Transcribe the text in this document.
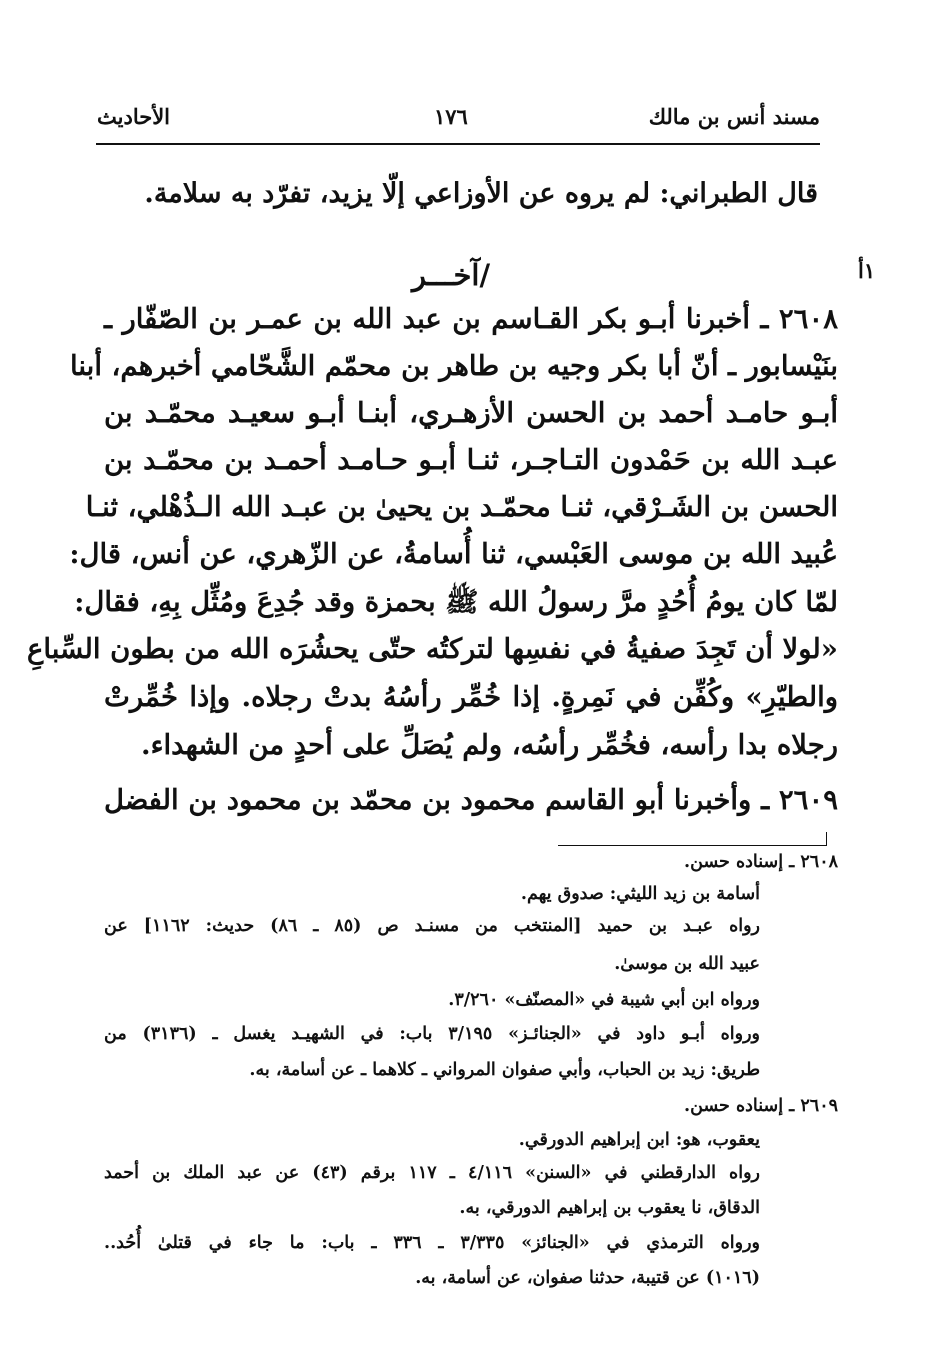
مسند أنس بن مالك
١٧٦
الأحاديث
قال الطبراني: لم يروه عن الأوزاعي إلّا يزيد، تفرّد به سلامة.
/آخـــر	١أ
٢٦٠٨ ـ أخبرنا أبـو بكر القـاسم بن عبد الله بن عمـر بن الصّفّار ـ
بنَيْسابور ـ أنّ أبا بكر وجيه بن طاهر بن محمّم الشَّحّامي أخبرهم، أبنا
أبـو حامـد أحمد بن الحسن الأزهـري، أبنـا أبـو سعيـد محمّـد بن
عبـد الله بن حَمْدون التـاجـر، ثنـا أبـو حـامـد أحمـد بن محمّـد بن
الحسن بن الشَـرْقي، ثنـا محمّـد بن يحيىٰ بن عبـد الله الـذُهْلي، ثنـا
عُبيد الله بن موسى العَبْسي، ثنا أُسامةُ، عن الزّهري، عن أنس، قال:
لمّا كان يومُ أُحُدٍ مرَّ رسولُ الله ﷺ بحمزة وقد جُدِعَ ومُثِّل بِهِ، فقال:
«لولا أن تَجِدَ صفيةُ في نفسِها لتركتُه حتّى يحشُرَه الله من بطون السِّباعِ
والطيّرِ» وكُفِّن في نَمِرةٍ. إذا خُمِّر رأسُهُ بدتْ رجلاه. وإذا خُمِّرتْ
رجلاه بدا رأسه، فخُمِّر رأسُه، ولم يُصَلِّ على أحدٍ من الشهداء.
٢٦٠٩ ـ وأخبرنا أبو القاسم محمود بن محمّد بن محمود بن الفضل
٢٦٠٨ ـ إسناده حسن.
أسامة بن زيد الليثي: صدوق يهم.
رواه عبـد بن حميد [المنتخب من مسنـد ص (٨٥ ـ ٨٦) حديث: ١١٦٢] عن
عبيد الله بن موسىٰ.
ورواه ابن أبي شيبة في «المصنّف» ٣/٢٦٠.
ورواه أبـو داود في «الجنائـز» ٣/١٩٥ باب: في الشهيـد يغسل ـ (٣١٣٦) من
طريق: زيد بن الحباب، وأبي صفوان المرواني ـ كلاهما ـ عن أسامة، به.
٢٦٠٩ ـ إسناده حسن.
يعقوب، هو: ابن إبراهيم الدورقي.
رواه الدارقطني في «السنن» ٤/١١٦ ـ ١١٧ برقم (٤٣) عن عبد الملك بن أحمد
الدقاق، نا يعقوب بن إبراهيم الدورقي، به.
ورواه الترمذي في «الجنائز» ٣/٣٣٥ ـ ٣٣٦ ـ باب: ما جاء في قتلىٰ أُحُد..
(١٠١٦) عن قتيبة، حدثنا صفوان، عن أسامة، به.
